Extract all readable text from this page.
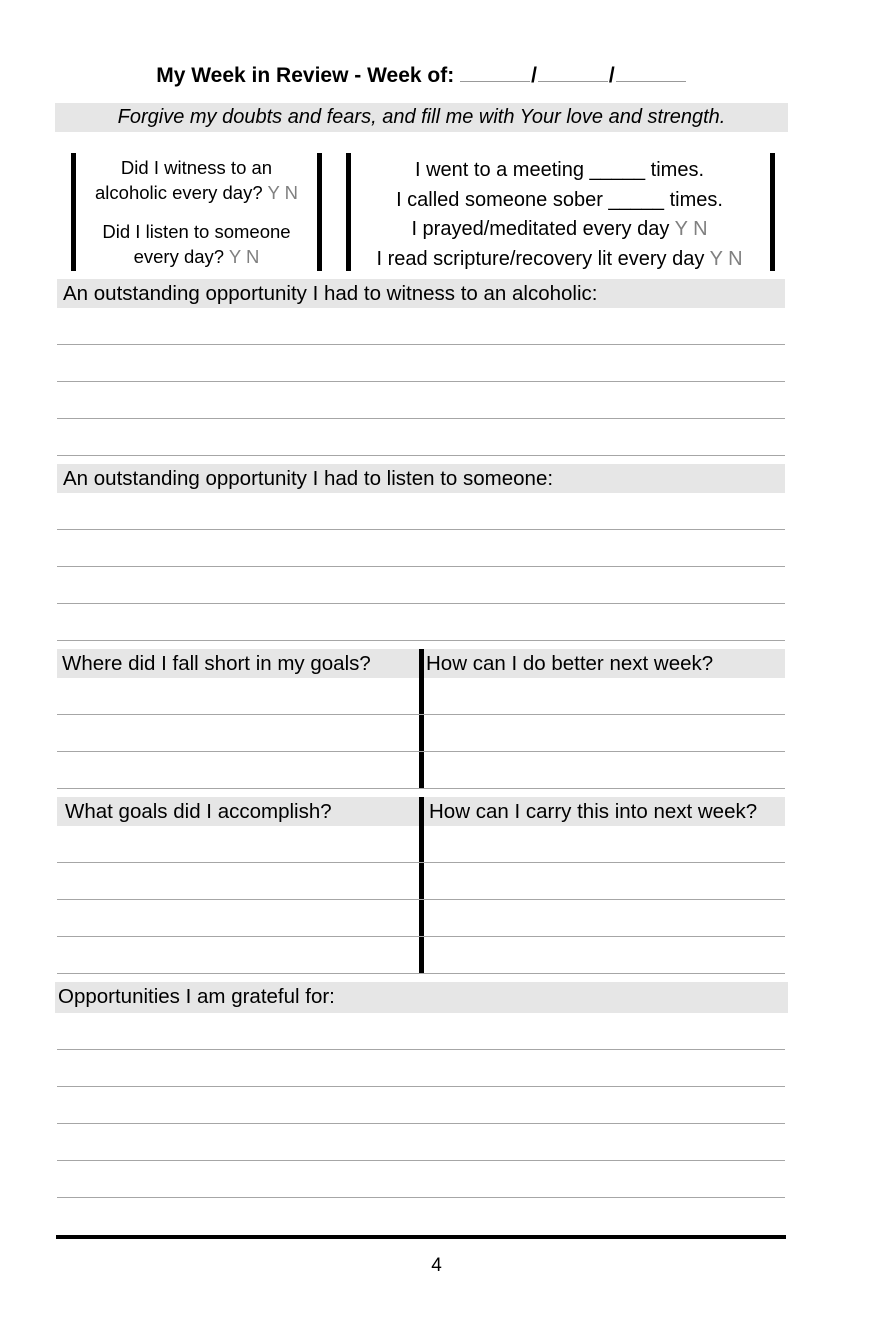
My Week in Review - Week of:	/	/
Forgive my doubts and fears, and fill me with Your love and strength.
Did I witness to an
alcoholic every day? Y N
Did I listen to someone
every day? Y N
I went to a meeting _____ times.
I called someone sober _____ times.
I prayed/meditated every day Y N
I read scripture/recovery lit every day Y N
An outstanding opportunity I had to witness to an alcoholic:
An outstanding opportunity I had to listen to someone:
Where did I fall short in my goals?	How can I do better next week?
What goals did I accomplish?	How can I carry this into next week?
Opportunities I am grateful for:
4
